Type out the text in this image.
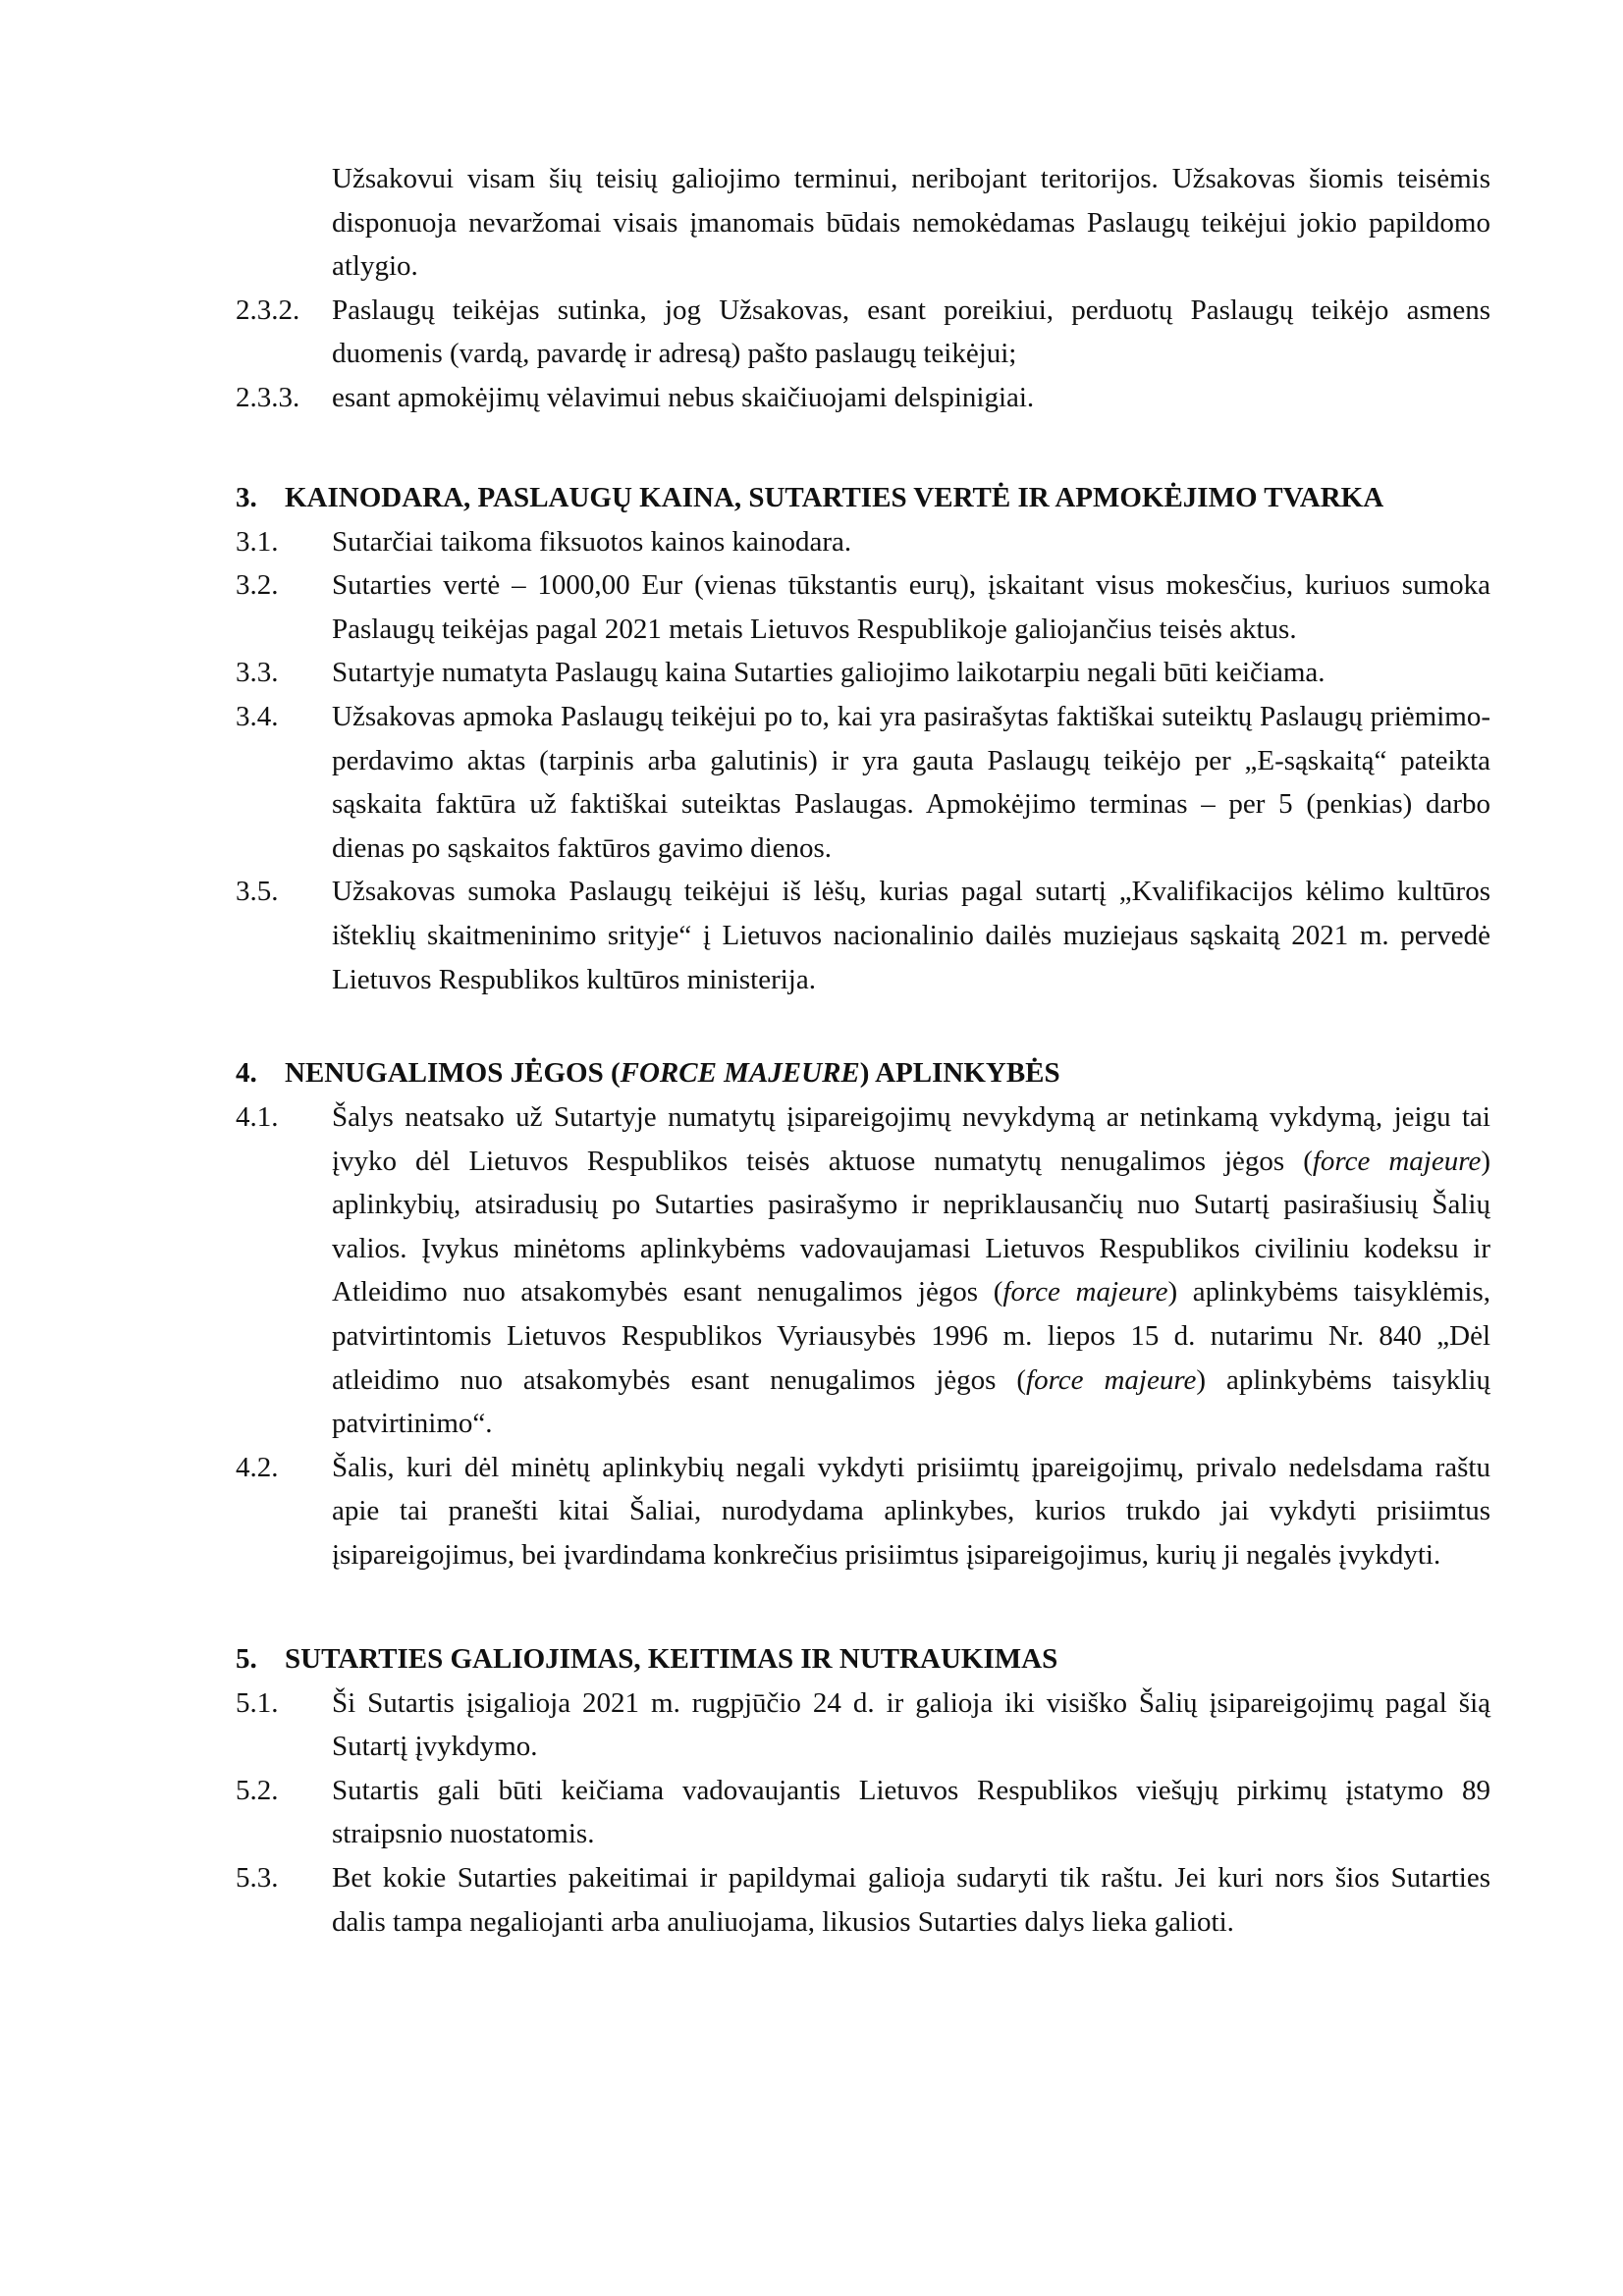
Užsakovui visam šių teisių galiojimo terminui, neribojant teritorijos. Užsakovas šiomis teisėmis disponuoja nevaržomai visais įmanomais būdais nemokėdamas Paslaugų teikėjui jokio papildomo atlygio.
2.3.2.	Paslaugų teikėjas sutinka, jog Užsakovas, esant poreikiui, perduotų Paslaugų teikėjo asmens duomenis (vardą, pavardę ir adresą) pašto paslaugų teikėjui;
2.3.3.	esant apmokėjimų vėlavimui nebus skaičiuojami delspinigiai.
3. KAINODARA, PASLAUGŲ KAINA, SUTARTIES VERTĖ IR APMOKĖJIMO TVARKA
3.1.	Sutarčiai taikoma fiksuotos kainos kainodara.
3.2.	Sutarties vertė – 1000,00 Eur (vienas tūkstantis eurų), įskaitant visus mokesčius, kuriuos sumoka Paslaugų teikėjas pagal 2021 metais Lietuvos Respublikoje galiojančius teisės aktus.
3.3.	Sutartyje numatyta Paslaugų kaina Sutarties galiojimo laikotarpiu negali būti keičiama.
3.4.	Užsakovas apmoka Paslaugų teikėjui po to, kai yra pasirašytas faktiškai suteiktų Paslaugų priėmimo-perdavimo aktas (tarpinis arba galutinis) ir yra gauta Paslaugų teikėjo per „E-sąskaitą“ pateikta sąskaita faktūra už faktiškai suteiktas Paslaugas. Apmokėjimo terminas – per 5 (penkias) darbo dienas po sąskaitos faktūros gavimo dienos.
3.5.	Užsakovas sumoka Paslaugų teikėjui iš lėšų, kurias pagal sutartį „Kvalifikacijos kėlimo kultūros išteklių skaitmeninimo srityje“ į Lietuvos nacionalinio dailės muziejaus sąskaitą 2021 m. pervedė Lietuvos Respublikos kultūros ministerija.
4. NENUGALIMOS JĖGOS (FORCE MAJEURE) APLINKYBĖS
4.1.	Šalys neatsako už Sutartyje numatytų įsipareigojimų nevykdymą ar netinkamą vykdymą, jeigu tai įvyko dėl Lietuvos Respublikos teisės aktuose numatytų nenugalimos jėgos (force majeure) aplinkybių, atsiradusių po Sutarties pasirašymo ir nepriklausančių nuo Sutartį pasirašiusių Šalių valios. Įvykus minėtoms aplinkybėms vadovaujamasi Lietuvos Respublikos civiliniu kodeksu ir Atleidimo nuo atsakomybės esant nenugalimos jėgos (force majeure) aplinkybėms taisyklėmis, patvirtintomis Lietuvos Respublikos Vyriausybės 1996 m. liepos 15 d. nutarimu Nr. 840 „Dėl atleidimo nuo atsakomybės esant nenugalimos jėgos (force majeure) aplinkybėms taisyklių patvirtinimo“.
4.2.	Šalis, kuri dėl minėtų aplinkybių negali vykdyti prisiimtų įpareigojimų, privalo nedelsdama raštu apie tai pranešti kitai Šaliai, nurodydama aplinkybes, kurios trukdo jai vykdyti prisiimtus įsipareigojimus, bei įvardindama konkrečius prisiimtus įsipareigojimus, kurių ji negalės įvykdyti.
5. SUTARTIES GALIOJIMAS, KEITIMAS IR NUTRAUKIMAS
5.1.	Ši Sutartis įsigalioja 2021 m. rugpjūčio 24 d. ir galioja iki visiško Šalių įsipareigojimų pagal šią Sutartį įvykdymo.
5.2.	Sutartis gali būti keičiama vadovaujantis Lietuvos Respublikos viešųjų pirkimų įstatymo 89 straipsnio nuostatomis.
5.3.	Bet kokie Sutarties pakeitimai ir papildymai galioja sudaryti tik raštu. Jei kuri nors šios Sutarties dalis tampa negaliojanti arba anuliuojama, likusios Sutarties dalys lieka galioti.
